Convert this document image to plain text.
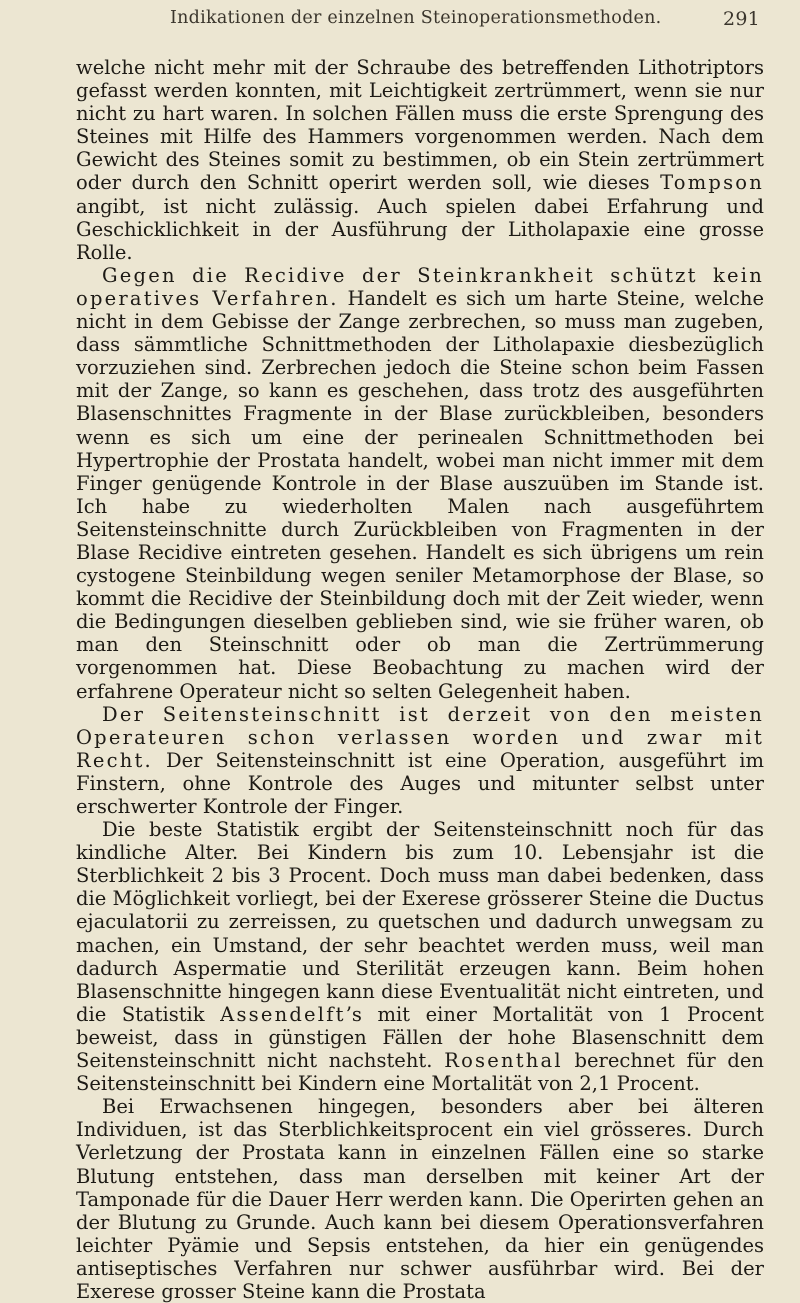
Indikationen der einzelnen Steinoperationsmethoden.	291

welche nicht mehr mit der Schraube des betreffenden Lithotriptors gefasst werden konnten, mit Leichtigkeit zertrümmert, wenn sie nur nicht zu hart waren. In solchen Fällen muss die erste Sprengung des Steines mit Hilfe des Hammers vorgenommen werden. Nach dem Gewicht des Steines somit zu bestimmen, ob ein Stein zertrümmert oder durch den Schnitt operirt werden soll, wie dieses Tompson angibt, ist nicht zulässig. Auch spielen dabei Erfahrung und Geschicklichkeit in der Ausführung der Litholapaxie eine grosse Rolle.

Gegen die Recidive der Steinkrankheit schützt kein operatives Verfahren. Handelt es sich um harte Steine, welche nicht in dem Gebisse der Zange zerbrechen, so muss man zugeben, dass sämmtliche Schnittmethoden der Litholapaxie diesbezüglich vorzuziehen sind. Zerbrechen jedoch die Steine schon beim Fassen mit der Zange, so kann es geschehen, dass trotz des ausgeführten Blasenschnittes Fragmente in der Blase zurückbleiben, besonders wenn es sich um eine der perinealen Schnittmethoden bei Hypertrophie der Prostata handelt, wobei man nicht immer mit dem Finger genügende Kontrole in der Blase auszuüben im Stande ist. Ich habe zu wiederholten Malen nach ausgeführtem Seitensteinschnitte durch Zurückbleiben von Fragmenten in der Blase Recidive eintreten gesehen. Handelt es sich übrigens um rein cystogene Steinbildung wegen seniler Metamorphose der Blase, so kommt die Recidive der Steinbildung doch mit der Zeit wieder, wenn die Bedingungen dieselben geblieben sind, wie sie früher waren, ob man den Steinschnitt oder ob man die Zertrümmerung vorgenommen hat. Diese Beobachtung zu machen wird der erfahrene Operateur nicht so selten Gelegenheit haben.

Der Seitensteinschnitt ist derzeit von den meisten Operateuren schon verlassen worden und zwar mit Recht. Der Seitensteinschnitt ist eine Operation, ausgeführt im Finstern, ohne Kontrole des Auges und mitunter selbst unter erschwerter Kontrole der Finger.

Die beste Statistik ergibt der Seitensteinschnitt noch für das kindliche Alter. Bei Kindern bis zum 10. Lebensjahr ist die Sterblichkeit 2 bis 3 Procent. Doch muss man dabei bedenken, dass die Möglichkeit vorliegt, bei der Exerese grösserer Steine die Ductus ejaculatorii zu zerreissen, zu quetschen und dadurch unwegsam zu machen, ein Umstand, der sehr beachtet werden muss, weil man dadurch Aspermatie und Sterilität erzeugen kann. Beim hohen Blasenschnitte hingegen kann diese Eventualität nicht eintreten, und die Statistik Assendelft’s mit einer Mortalität von 1 Procent beweist, dass in günstigen Fällen der hohe Blasenschnitt dem Seitensteinschnitt nicht nachsteht. Rosenthal berechnet für den Seitensteinschnitt bei Kindern eine Mortalität von 2,1 Procent.

Bei Erwachsenen hingegen, besonders aber bei älteren Individuen, ist das Sterblichkeitsprocent ein viel grösseres. Durch Verletzung der Prostata kann in einzelnen Fällen eine so starke Blutung entstehen, dass man derselben mit keiner Art der Tamponade für die Dauer Herr werden kann. Die Operirten gehen an der Blutung zu Grunde. Auch kann bei diesem Operationsverfahren leichter Pyämie und Sepsis entstehen, da hier ein genügendes antiseptisches Verfahren nur schwer ausführbar wird. Bei der Exerese grosser Steine kann die Prostata
